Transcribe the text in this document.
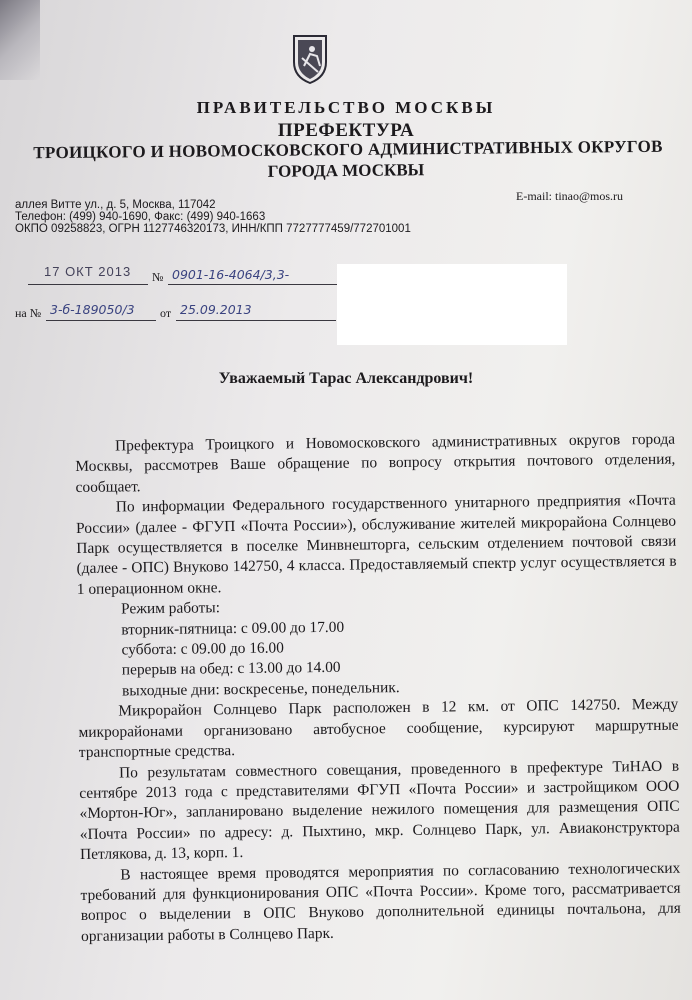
ПРАВИТЕЛЬСТВО МОСКВЫ
ПРЕФЕКТУРА
ТРОИЦКОГО И НОВОМОСКОВСКОГО АДМИНИСТРАТИВНЫХ ОКРУГОВ
ГОРОДА МОСКВЫ
E-mail: tinao@mos.ru
аллея Витте ул., д. 5, Москва, 117042
Телефон: (499) 940-1690, Факс: (499) 940-1663
ОКПО 09258823, ОГРН 1127746320173, ИНН/КПП 7727777459/772701001
17 ОКТ 2013 № 0901-16-4064/3,3-
на № 3-б-189050/3 от 25.09.2013
Уважаемый Тарас Александрович!

Префектура Троицкого и Новомосковского административных округов города Москвы, рассмотрев Ваше обращение по вопросу открытия почтового отделения, сообщает.

По информации Федерального государственного унитарного предприятия «Почта России» (далее - ФГУП «Почта России»), обслуживание жителей микрорайона Солнцево Парк осуществляется в поселке Минвнешторга, сельским отделением почтовой связи (далее - ОПС) Внуково 142750, 4 класса. Предоставляемый спектр услуг осуществляется в 1 операционном окне.

Режим работы:

вторник-пятница: с 09.00 до 17.00

суббота: с 09.00 до 16.00

перерыв на обед: с 13.00 до 14.00

выходные дни: воскресенье, понедельник.

Микрорайон Солнцево Парк расположен в 12 км. от ОПС 142750. Между микрорайонами организовано автобусное сообщение, курсируют маршрутные транспортные средства.

По результатам совместного совещания, проведенного в префектуре ТиНАО в сентябре 2013 года с представителями ФГУП «Почта России» и застройщиком ООО «Мортон-Юг», запланировано выделение нежилого помещения для размещения ОПС «Почта России» по адресу: д. Пыхтино, мкр. Солнцево Парк, ул. Авиаконструктора Петлякова, д. 13, корп. 1.

В настоящее время проводятся мероприятия по согласованию технологических требований для функционирования ОПС «Почта России». Кроме того, рассматривается вопрос о выделении в ОПС Внуково дополнительной единицы почтальона, для организации работы в Солнцево Парк.
